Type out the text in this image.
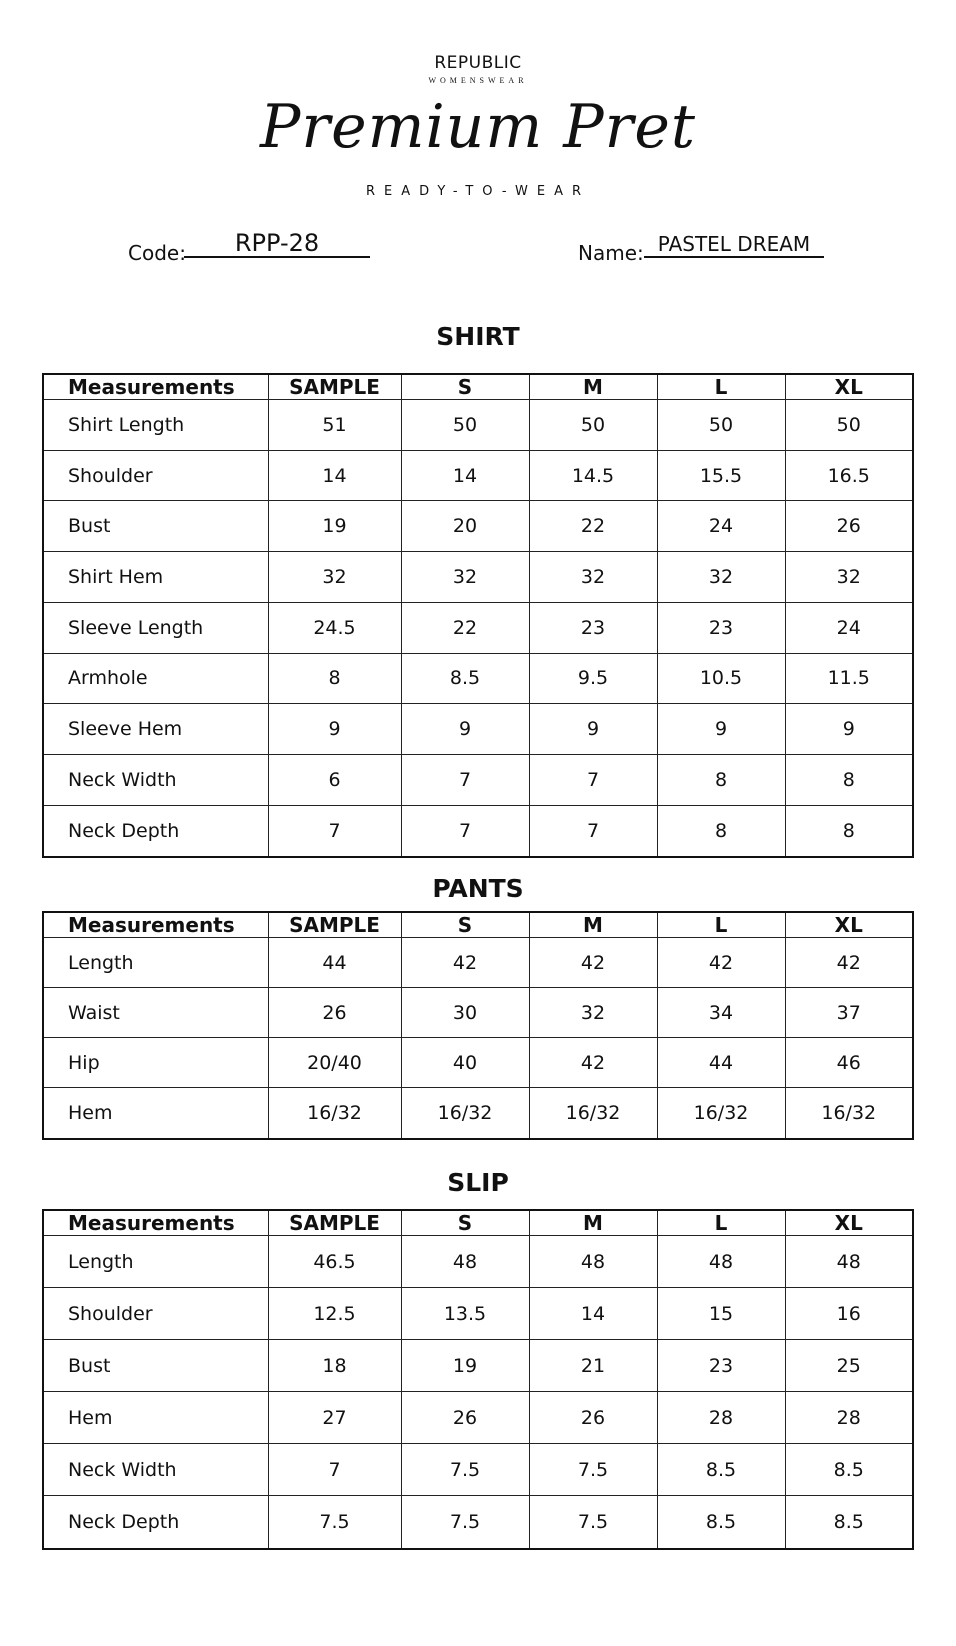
REPUBLIC
WOMENSWEAR
Premium Pret
READY-TO-WEAR
Code:	RPP-28	Name: PASTEL DREAM
SHIRT
Measurements	SAMPLE	S	M	L	XL
Shirt Length	51	50	50	50	50
Shoulder	14	14	14.5	15.5	16.5
Bust	19	20	22	24	26
Shirt Hem	32	32	32	32	32
Sleeve Length	24.5	22	23	23	24
Armhole	8	8.5	9.5	10.5	11.5
Sleeve Hem	9	9	9	9	9
Neck Width	6	7	7	8	8
Neck Depth	7	7	7	8	8
PANTS
Measurements	SAMPLE	S	M	L	XL
Length	44	42	42	42	42
Waist	26	30	32	34	37
Hip	20/40	40	42	44	46
Hem	16/32	16/32	16/32	16/32	16/32
SLIP
Measurements	SAMPLE	S	M	L	XL
Length	46.5	48	48	48	48
Shoulder	12.5	13.5	14	15	16
Bust	18	19	21	23	25
Hem	27	26	26	28	28
Neck Width	7	7.5	7.5	8.5	8.5
Neck Depth	7.5	7.5	7.5	8.5	8.5
